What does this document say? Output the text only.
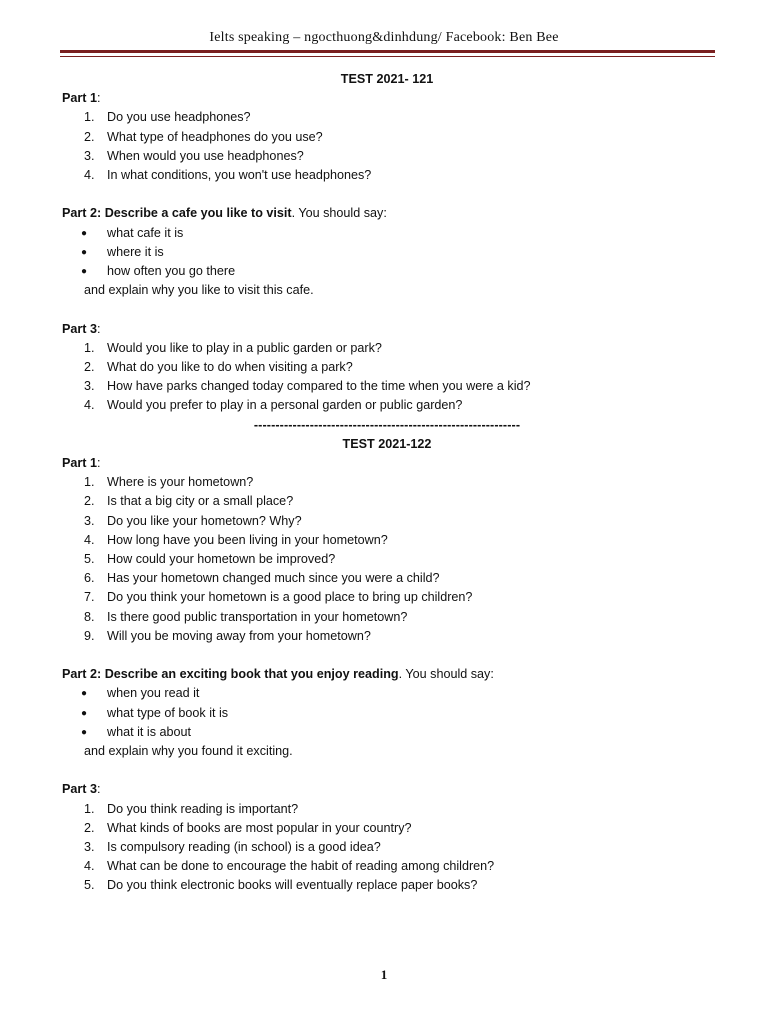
Ielts speaking – ngocthuong&dinhdung/ Facebook: Ben Bee
TEST 2021- 121
Part 1:
1. Do you use headphones?
2. What type of headphones do you use?
3. When would you use headphones?
4. In what conditions, you won't use headphones?
Part 2: Describe a cafe you like to visit. You should say:
● what cafe it is
● where it is
● how often you go there
and explain why you like to visit this cafe.
Part 3:
1. Would you like to play in a public garden or park?
2. What do you like to do when visiting a park?
3. How have parks changed today compared to the time when you were a kid?
4. Would you prefer to play in a personal garden or public garden?
--------------------------------------------------------------
TEST 2021-122
Part 1:
1. Where is your hometown?
2. Is that a big city or a small place?
3. Do you like your hometown? Why?
4. How long have you been living in your hometown?
5. How could your hometown be improved?
6. Has your hometown changed much since you were a child?
7. Do you think your hometown is a good place to bring up children?
8. Is there good public transportation in your hometown?
9. Will you be moving away from your hometown?
Part 2: Describe an exciting book that you enjoy reading. You should say:
● when you read it
● what type of book it is
● what it is about
and explain why you found it exciting.
Part 3:
1. Do you think reading is important?
2. What kinds of books are most popular in your country?
3. Is compulsory reading (in school) is a good idea?
4. What can be done to encourage the habit of reading among children?
5. Do you think electronic books will eventually replace paper books?
1
